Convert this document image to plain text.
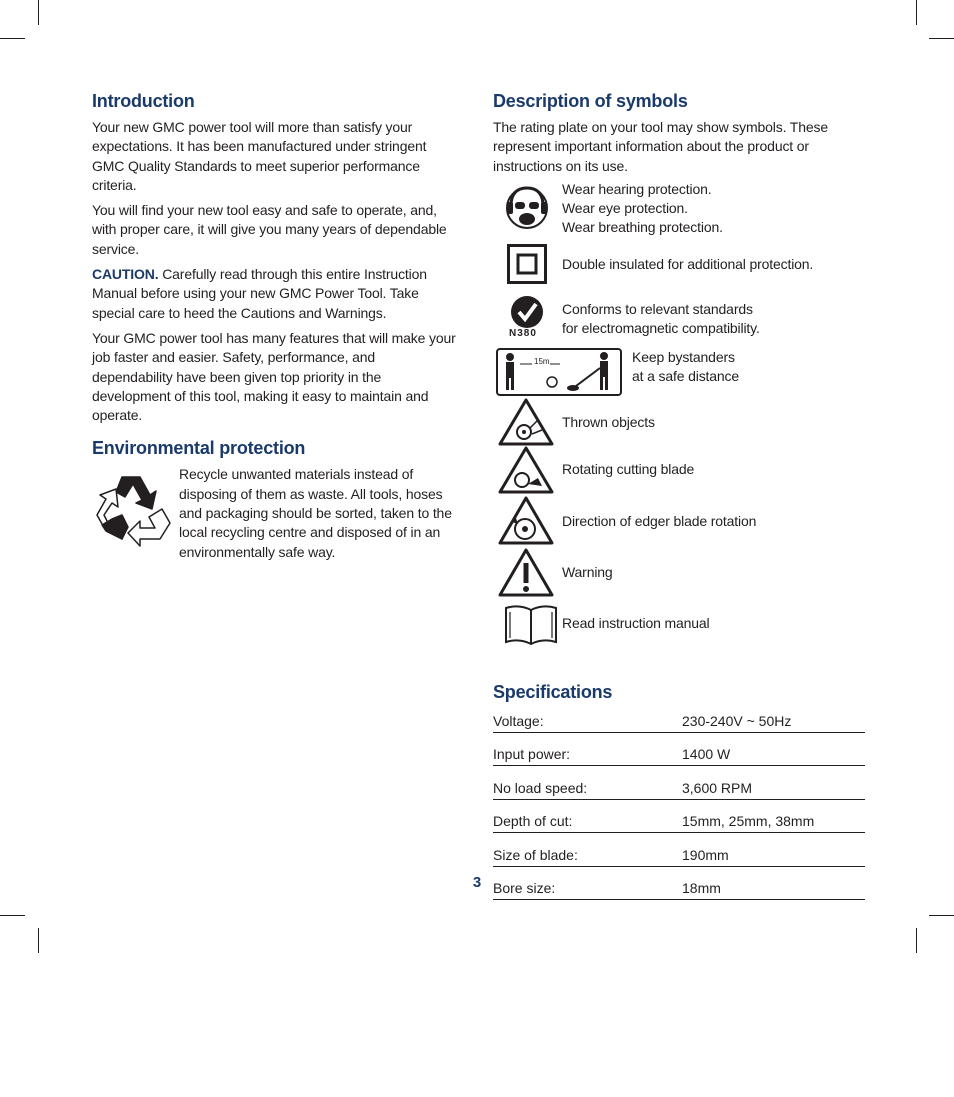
Introduction

Your new GMC power tool will more than satisfy your expectations. It has been manufactured under stringent GMC Quality Standards to meet superior performance criteria.

You will find your new tool easy and safe to operate, and, with proper care, it will give you many years of dependable service.

CAUTION. Carefully read through this entire Instruction Manual before using your new GMC Power Tool. Take special care to heed the Cautions and Warnings.

Your GMC power tool has many features that will make your job faster and easier. Safety, performance, and dependability have been given top priority in the development of this tool, making it easy to maintain and operate.

Environmental protection

Recycle unwanted materials instead of disposing of them as waste. All tools, hoses and packaging should be sorted, taken to the local recycling centre and disposed of in an environmentally safe way.

Description of symbols

The rating plate on your tool may show symbols. These represent important information about the product or instructions on its use.

Wear hearing protection.
Wear eye protection.
Wear breathing protection.
Double insulated for additional protection.
N380
Conforms to relevant standards
for electromagnetic compatibility.
15m	Keep bystanders
at a safe distance
Thrown objects
Rotating cutting blade
Direction of edger blade rotation
Warning
Read instruction manual
Specifications
Voltage:	230-240V ~ 50Hz
Input power:	1400 W
No load speed:	3,600 RPM
Depth of cut:	15mm, 25mm, 38mm
Size of blade:	190mm
Bore size:	18mm
3
